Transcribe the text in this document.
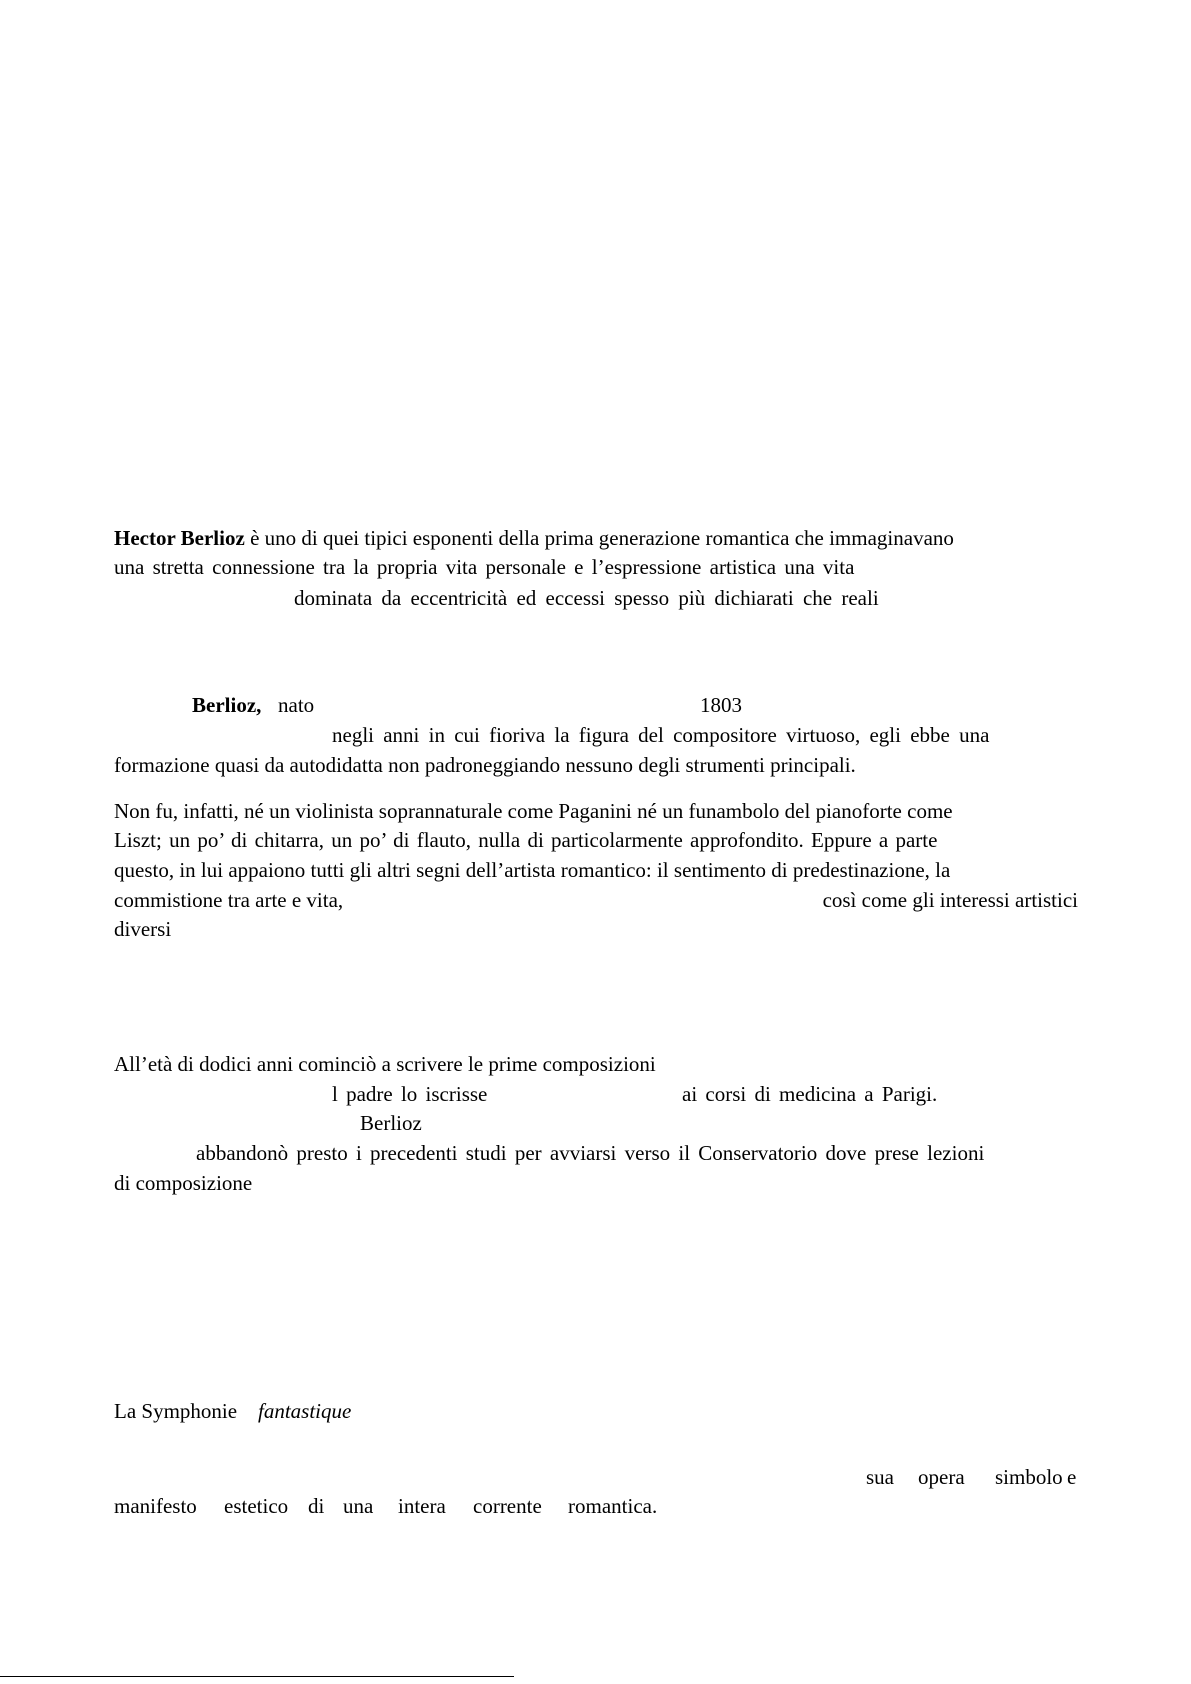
Hector Berlioz è uno di quei tipici esponenti della prima generazione romantica che immaginavano
una stretta connessione tra la propria vita personale e l’espressione artistica una vita
dominata da eccentricità ed eccessi spesso più dichiarati che reali
Berlioz, nato	1803
negli anni in cui fioriva la figura del compositore virtuoso, egli ebbe una
formazione quasi da autodidatta non padroneggiando nessuno degli strumenti principali.
Non fu, infatti, né un violinista soprannaturale come Paganini né un funambolo del pianoforte come
Liszt; un po’ di chitarra, un po’ di flauto, nulla di particolarmente approfondito. Eppure a parte
questo, in lui appaiono tutti gli altri segni dell’artista romantico: il sentimento di predestinazione, la
commistione tra arte e vita,	così come gli interessi artistici
diversi
All’età di dodici anni cominciò a scrivere le prime composizioni
l padre lo iscrisse	ai corsi di medicina a Parigi.
Berlioz
abbandonò presto i precedenti studi per avviarsi verso il Conservatorio dove prese lezioni
di composizione
La Symphonie fantastique
sua opera simbolo e
manifesto estetico di una intera corrente romantica.
